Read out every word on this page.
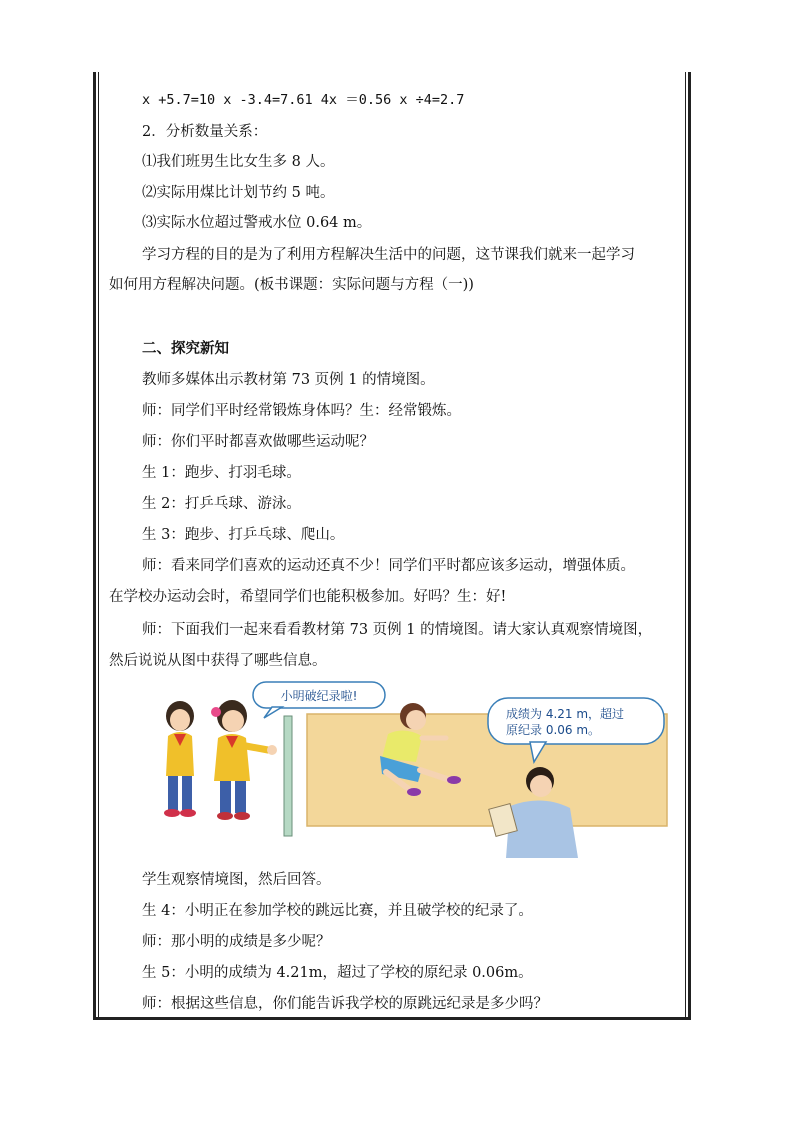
x +5.7=10 x -3.4=7.61 4x ＝0.56 x ÷4=2.7
2．分析数量关系：
⑴我们班男生比女生多 8 人。
⑵实际用煤比计划节约 5 吨。
⑶实际水位超过警戒水位 0.64 m。
学习方程的目的是为了利用方程解决生活中的问题，这节课我们就来一起学习
如何用方程解决问题。(板书课题：实际问题与方程（一))
二、探究新知
教师多媒体出示教材第 73 页例 1 的情境图。
师：同学们平时经常锻炼身体吗？生：经常锻炼。
师：你们平时都喜欢做哪些运动呢？
生 1：跑步、打羽毛球。
生 2：打乒乓球、游泳。
生 3：跑步、打乒乓球、爬山。
师：看来同学们喜欢的运动还真不少！同学们平时都应该多运动，增强体质。
在学校办运动会时，希望同学们也能积极参加。好吗？生：好!
师：下面我们一起来看看教材第 73 页例 1 的情境图。请大家认真观察情境图，
然后说说从图中获得了哪些信息。
学生观察情境图，然后回答。
生 4：小明正在参加学校的跳远比赛，并且破学校的纪录了。
师：那小明的成绩是多少呢？
生 5：小明的成绩为 4.21m，超过了学校的原纪录 0.06m。
师：根据这些信息，你们能告诉我学校的原跳远纪录是多少吗？
小明破纪录啦!
成绩为 4.21 m，超过
原纪录 0.06 m。
